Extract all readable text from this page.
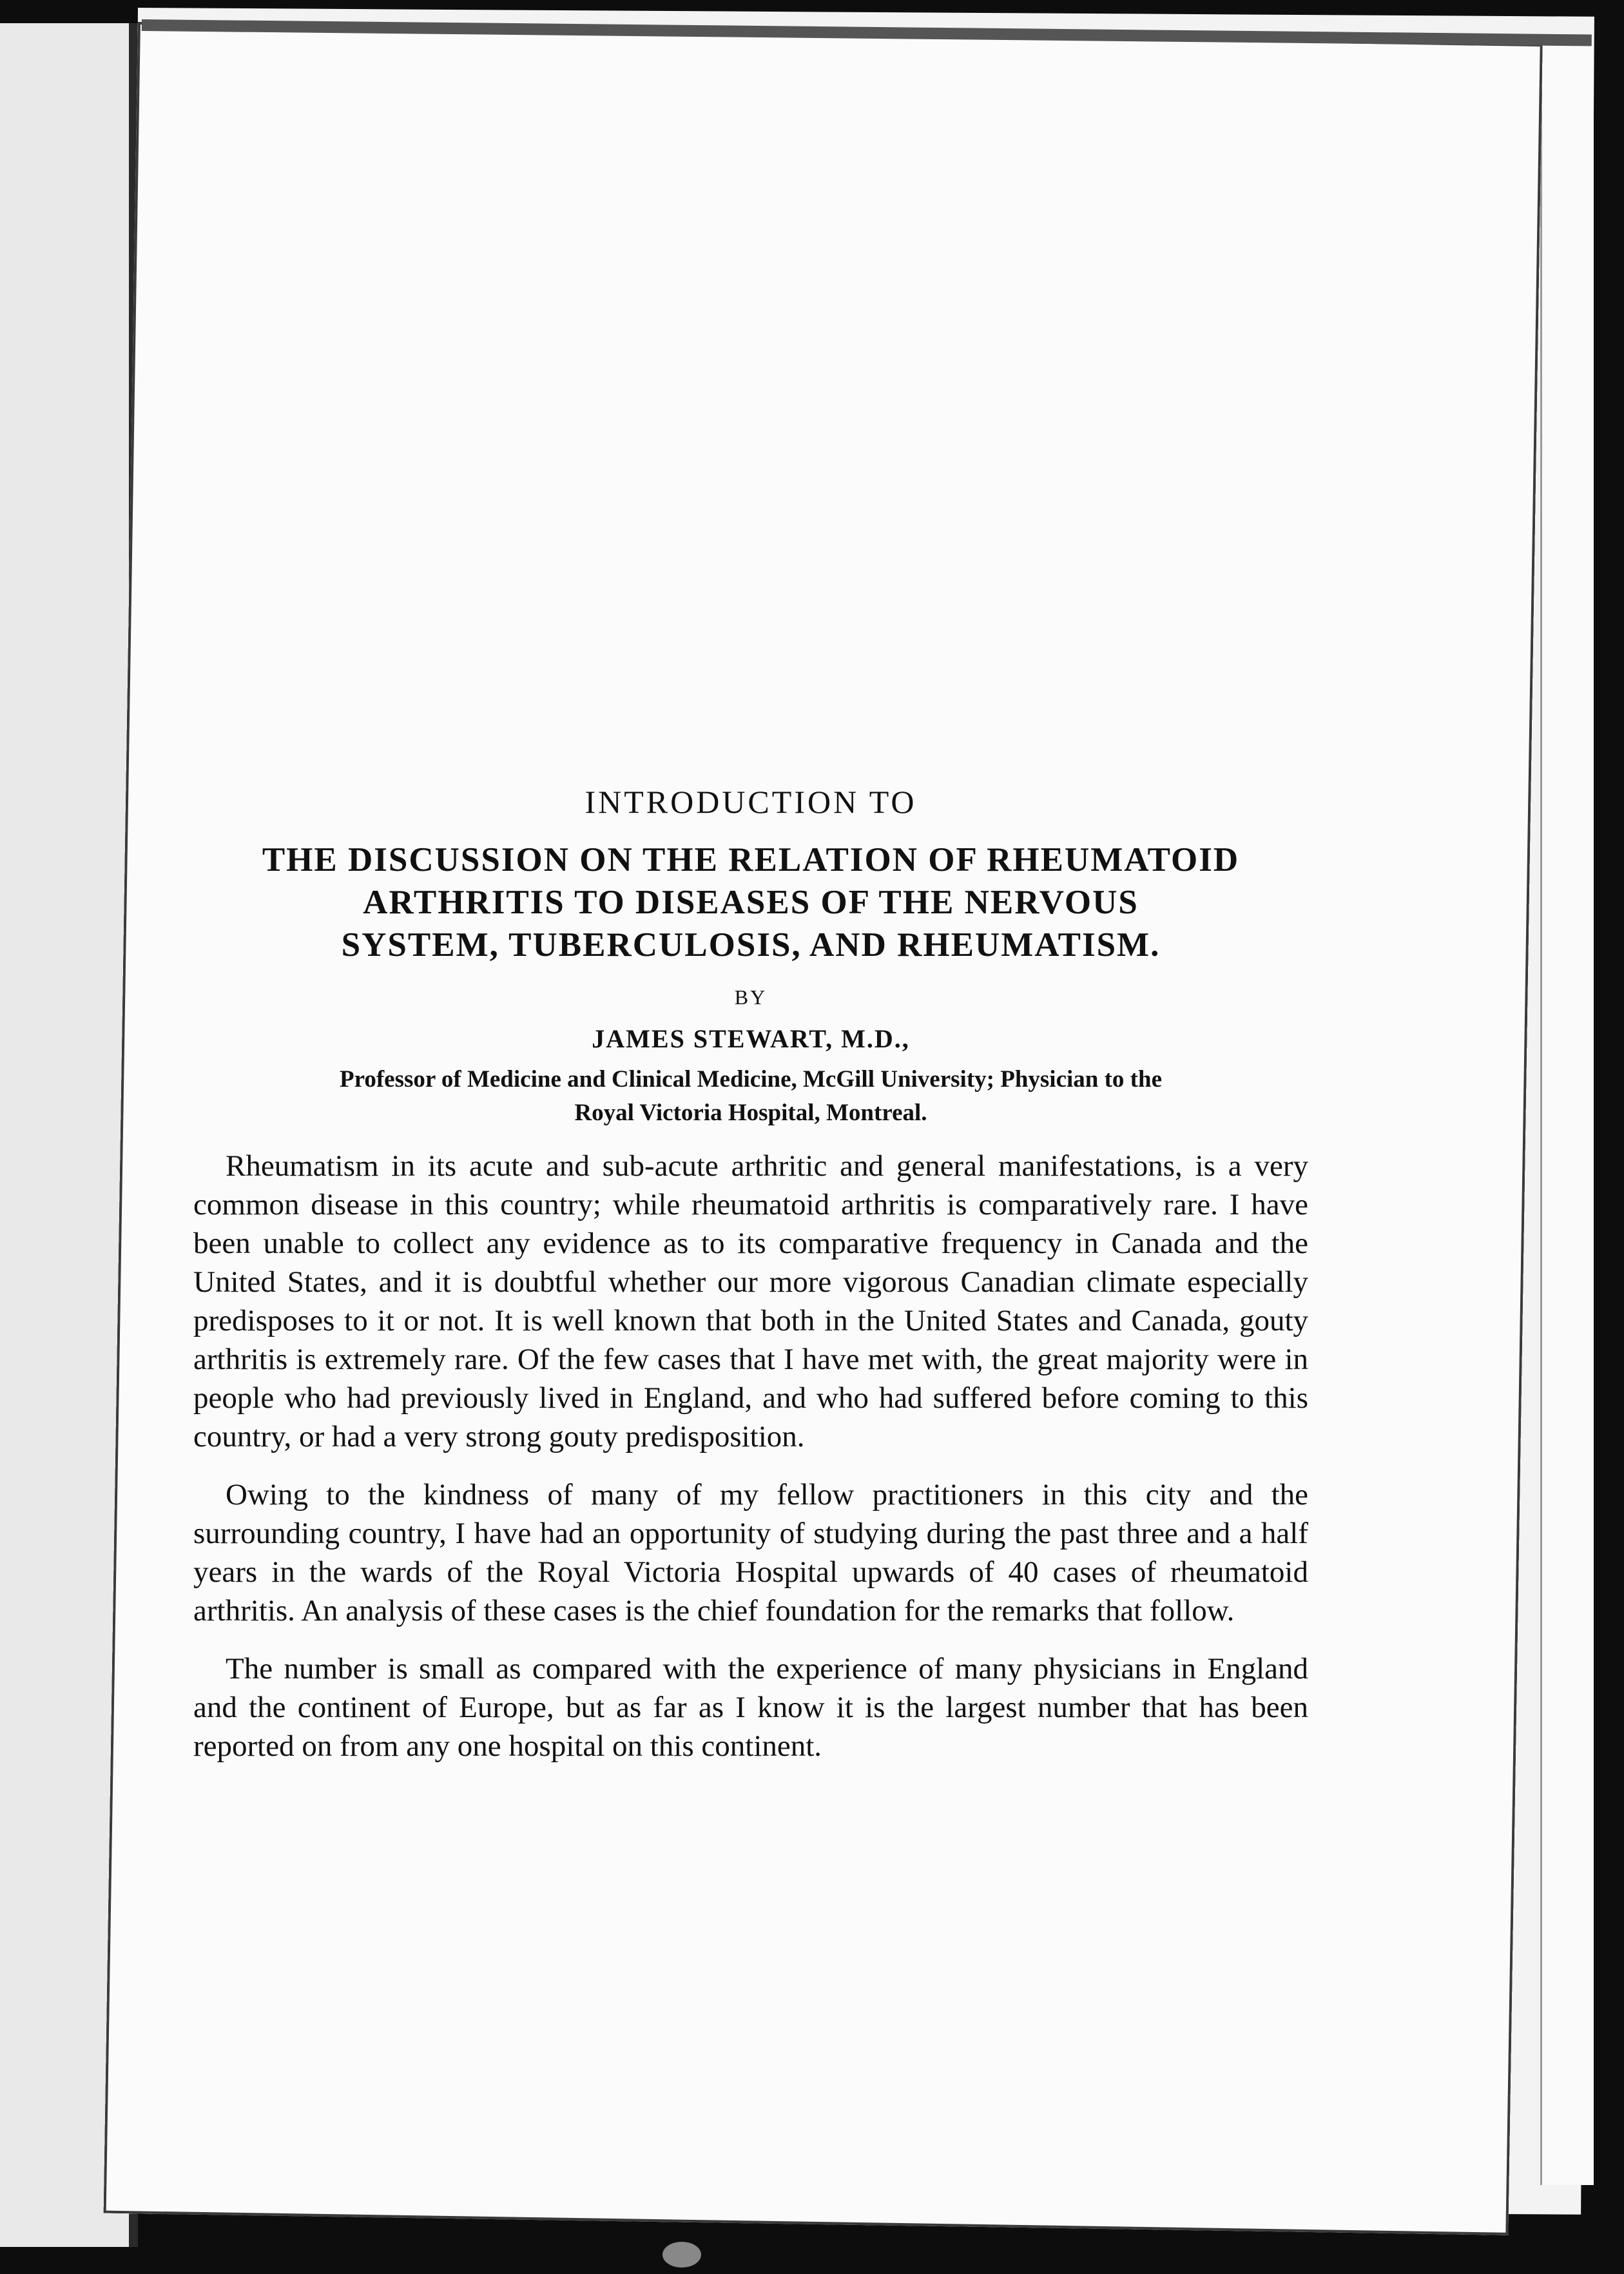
INTRODUCTION TO
THE DISCUSSION ON THE RELATION OF RHEUMATOID
ARTHRITIS TO DISEASES OF THE NERVOUS
SYSTEM, TUBERCULOSIS, AND RHEUMATISM.
BY
JAMES STEWART, M.D.,
Professor of Medicine and Clinical Medicine, McGill University; Physician to the
Royal Victoria Hospital, Montreal.

Rheumatism in its acute and sub-acute arthritic and general manifestations, is a very common disease in this country; while rheumatoid arthritis is comparatively rare. I have been unable to collect any evidence as to its comparative frequency in Canada and the United States, and it is doubtful whether our more vigorous Canadian climate especially predisposes to it or not. It is well known that both in the United States and Canada, gouty arthritis is extremely rare. Of the few cases that I have met with, the great majority were in people who had previously lived in England, and who had suffered before coming to this country, or had a very strong gouty predisposition.

Owing to the kindness of many of my fellow practitioners in this city and the surrounding country, I have had an opportunity of studying during the past three and a half years in the wards of the Royal Victoria Hospital upwards of 40 cases of rheumatoid arthritis. An analysis of these cases is the chief foundation for the remarks that follow.

The number is small as compared with the experience of many physicians in England and the continent of Europe, but as far as I know it is the largest number that has been reported on from any one hospital on this continent.
